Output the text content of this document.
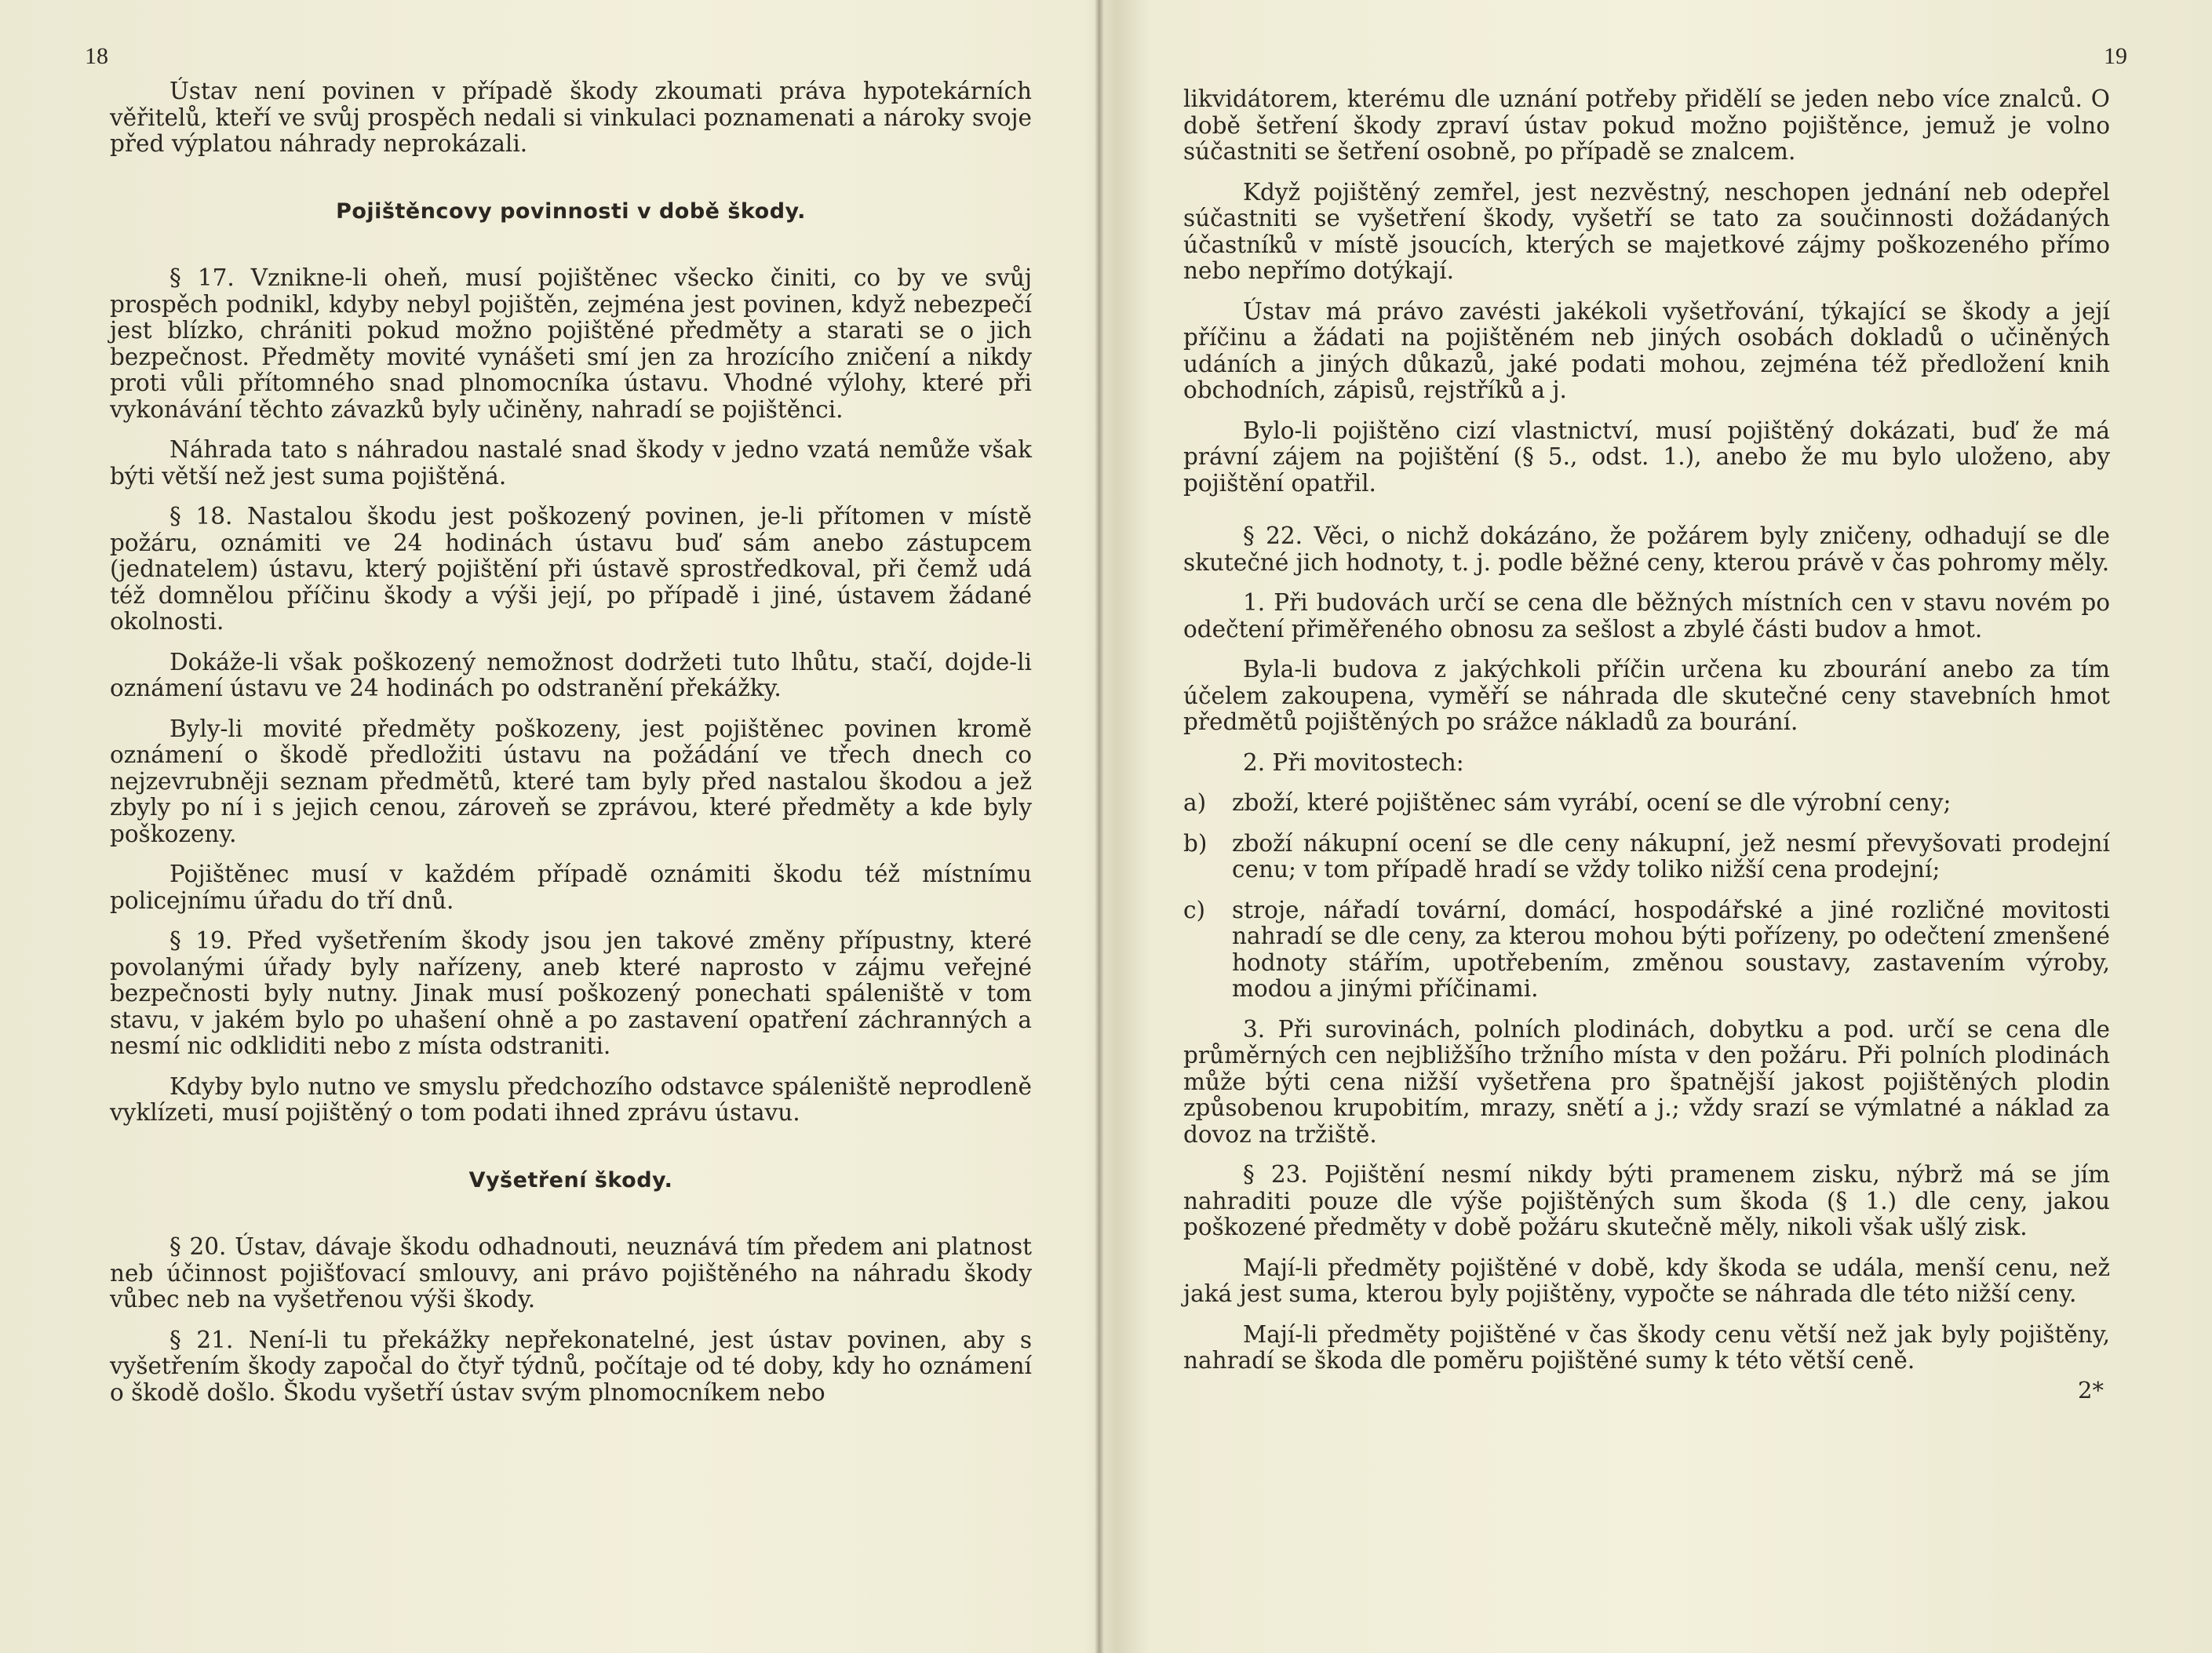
18

Ústav není povinen v případě škody zkoumati práva hypotekárních věřitelů, kteří ve svůj prospěch nedali si vinkulaci poznamenati a nároky svoje před výplatou náhrady neprokázali.

Pojištěncovy povinnosti v době škody.

§ 17. Vznikne-li oheň, musí pojištěnec všecko činiti, co by ve svůj prospěch podnikl, kdyby nebyl pojištěn, zejména jest povinen, když nebezpečí jest blízko, chrániti pokud možno pojištěné předměty a starati se o jich bezpečnost. Předměty movité vynášeti smí jen za hrozícího zničení a nikdy proti vůli přítomného snad plnomocníka ústavu. Vhodné výlohy, které při vykonávání těchto závazků byly učiněny, nahradí se pojištěnci.

Náhrada tato s náhradou nastalé snad škody v jedno vzatá nemůže však býti větší než jest suma pojištěná.

§ 18. Nastalou škodu jest poškozený povinen, je-li přítomen v místě požáru, oznámiti ve 24 hodinách ústavu buď sám anebo zástupcem (jednatelem) ústavu, který pojištění při ústavě sprostředkoval, při čemž udá též domnělou příčinu škody a výši její, po případě i jiné, ústavem žádané okolnosti.

Dokáže-li však poškozený nemožnost dodržeti tuto lhůtu, stačí, dojde-li oznámení ústavu ve 24 hodinách po odstranění překážky.

Byly-li movité předměty poškozeny, jest pojištěnec povinen kromě oznámení o škodě předložiti ústavu na požádání ve třech dnech co nejzevrubněji seznam předmětů, které tam byly před nastalou škodou a jež zbyly po ní i s jejich cenou, zároveň se zprávou, které předměty a kde byly poškozeny.

Pojištěnec musí v každém případě oznámiti škodu též místnímu policejnímu úřadu do tří dnů.

§ 19. Před vyšetřením škody jsou jen takové změny přípustny, které povolanými úřady byly nařízeny, aneb které naprosto v zájmu veřejné bezpečnosti byly nutny. Jinak musí poškozený ponechati spáleniště v tom stavu, v jakém bylo po uhašení ohně a po zastavení opatření záchranných a nesmí nic odkliditi nebo z místa odstraniti.

Kdyby bylo nutno ve smyslu předchozího odstavce spáleniště neprodleně vyklízeti, musí pojištěný o tom podati ihned zprávu ústavu.

Vyšetření škody.

§ 20. Ústav, dávaje škodu odhadnouti, neuznává tím předem ani platnost neb účinnost pojišťovací smlouvy, ani právo pojištěného na náhradu škody vůbec neb na vyšetřenou výši škody.

§ 21. Není-li tu překážky nepřekonatelné, jest ústav povinen, aby s vyšetřením škody započal do čtyř týdnů, počítaje od té doby, kdy ho oznámení o škodě došlo. Škodu vyšetří ústav svým plnomocníkem nebo

19

likvidátorem, kterému dle uznání potřeby přidělí se jeden nebo více znalců. O době šetření škody zpraví ústav pokud možno pojištěnce, jemuž je volno súčastniti se šetření osobně, po případě se znalcem.

Když pojištěný zemřel, jest nezvěstný, neschopen jednání neb odepřel súčastniti se vyšetření škody, vyšetří se tato za součinnosti dožádaných účastníků v místě jsoucích, kterých se majetkové zájmy poškozeného přímo nebo nepřímo dotýkají.

Ústav má právo zavésti jakékoli vyšetřování, týkající se škody a její příčinu a žádati na pojištěném neb jiných osobách dokladů o učiněných udáních a jiných důkazů, jaké podati mohou, zejména též předložení knih obchodních, zápisů, rejstříků a j.

Bylo-li pojištěno cizí vlastnictví, musí pojištěný dokázati, buď že má právní zájem na pojištění (§ 5., odst. 1.), anebo že mu bylo uloženo, aby pojištění opatřil.

§ 22. Věci, o nichž dokázáno, že požárem byly zničeny, odhadují se dle skutečné jich hodnoty, t. j. podle běžné ceny, kterou právě v čas pohromy měly.

1. Při budovách určí se cena dle běžných místních cen v stavu novém po odečtení přiměřeného obnosu za sešlost a zbylé části budov a hmot.

Byla-li budova z jakýchkoli příčin určena ku zbourání anebo za tím účelem zakoupena, vyměří se náhrada dle skutečné ceny stavebních hmot předmětů pojištěných po srážce nákladů za bourání.

2. Při movitostech:

a) zboží, které pojištěnec sám vyrábí, ocení se dle výrobní ceny;

b) zboží nákupní ocení se dle ceny nákupní, jež nesmí převyšovati prodejní cenu; v tom případě hradí se vždy toliko nižší cena prodejní;

c) stroje, nářadí tovární, domácí, hospodářské a jiné rozličné movitosti nahradí se dle ceny, za kterou mohou býti pořízeny, po odečtení zmenšené hodnoty stářím, upotřebením, změnou soustavy, zastavením výroby, modou a jinými příčinami.

3. Při surovinách, polních plodinách, dobytku a pod. určí se cena dle průměrných cen nejbližšího tržního místa v den požáru. Při polních plodinách může býti cena nižší vyšetřena pro špatnější jakost pojištěných plodin způsobenou krupobitím, mrazy, snětí a j.; vždy srazí se výmlatné a náklad za dovoz na tržiště.

§ 23. Pojištění nesmí nikdy býti pramenem zisku, nýbrž má se jím nahraditi pouze dle výše pojištěných sum škoda (§ 1.) dle ceny, jakou poškozené předměty v době požáru skutečně měly, nikoli však ušlý zisk.

Mají-li předměty pojištěné v době, kdy škoda se udála, menší cenu, než jaká jest suma, kterou byly pojištěny, vypočte se náhrada dle této nižší ceny.

Mají-li předměty pojištěné v čas škody cenu větší než jak byly pojištěny, nahradí se škoda dle poměru pojištěné sumy k této větší ceně.

2*
